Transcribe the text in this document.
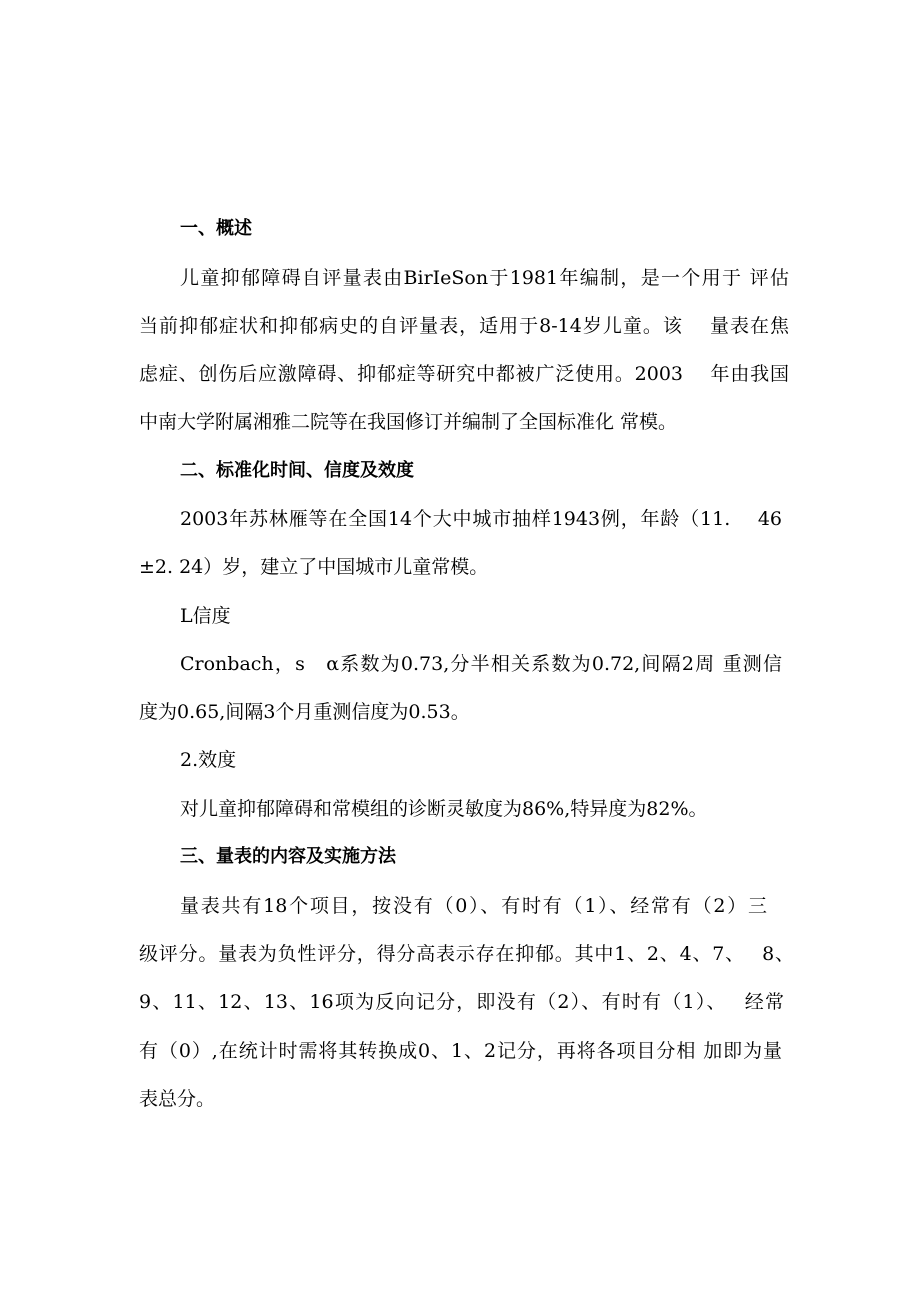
一、概述
儿童抑郁障碍自评量表由BirIeSon于1981年编制，是一个用于 评估
当前抑郁症状和抑郁病史的自评量表，适用于8-14岁儿童。该　 量表在焦
虑症、创伤后应激障碍、抑郁症等研究中都被广泛使用。2003　 年由我国
中南大学附属湘雅二院等在我国修订并编制了全国标准化 常模。
二、标准化时间、信度及效度
2003年苏林雁等在全国14个大中城市抽样1943例，年龄（11.　 46
±2. 24）岁，建立了中国城市儿童常模。
L信度
Cronbach，s　α系数为0.73,分半相关系数为0.72,间隔2周 重测信
度为0.65,间隔3个月重测信度为0.53。
2.效度
对儿童抑郁障碍和常模组的诊断灵敏度为86%,特异度为82%。
三、量表的内容及实施方法
量表共有18个项目，按没有（0）、有时有（1）、经常有（2）三
级评分。量表为负性评分，得分高表示存在抑郁。其中1、2、4、7、　 8、
9、11、12、13、16项为反向记分，即没有（2）、有时有（1）、　 经常
有（0）,在统计时需将其转换成0、1、2记分，再将各项目分相 加即为量
表总分。
